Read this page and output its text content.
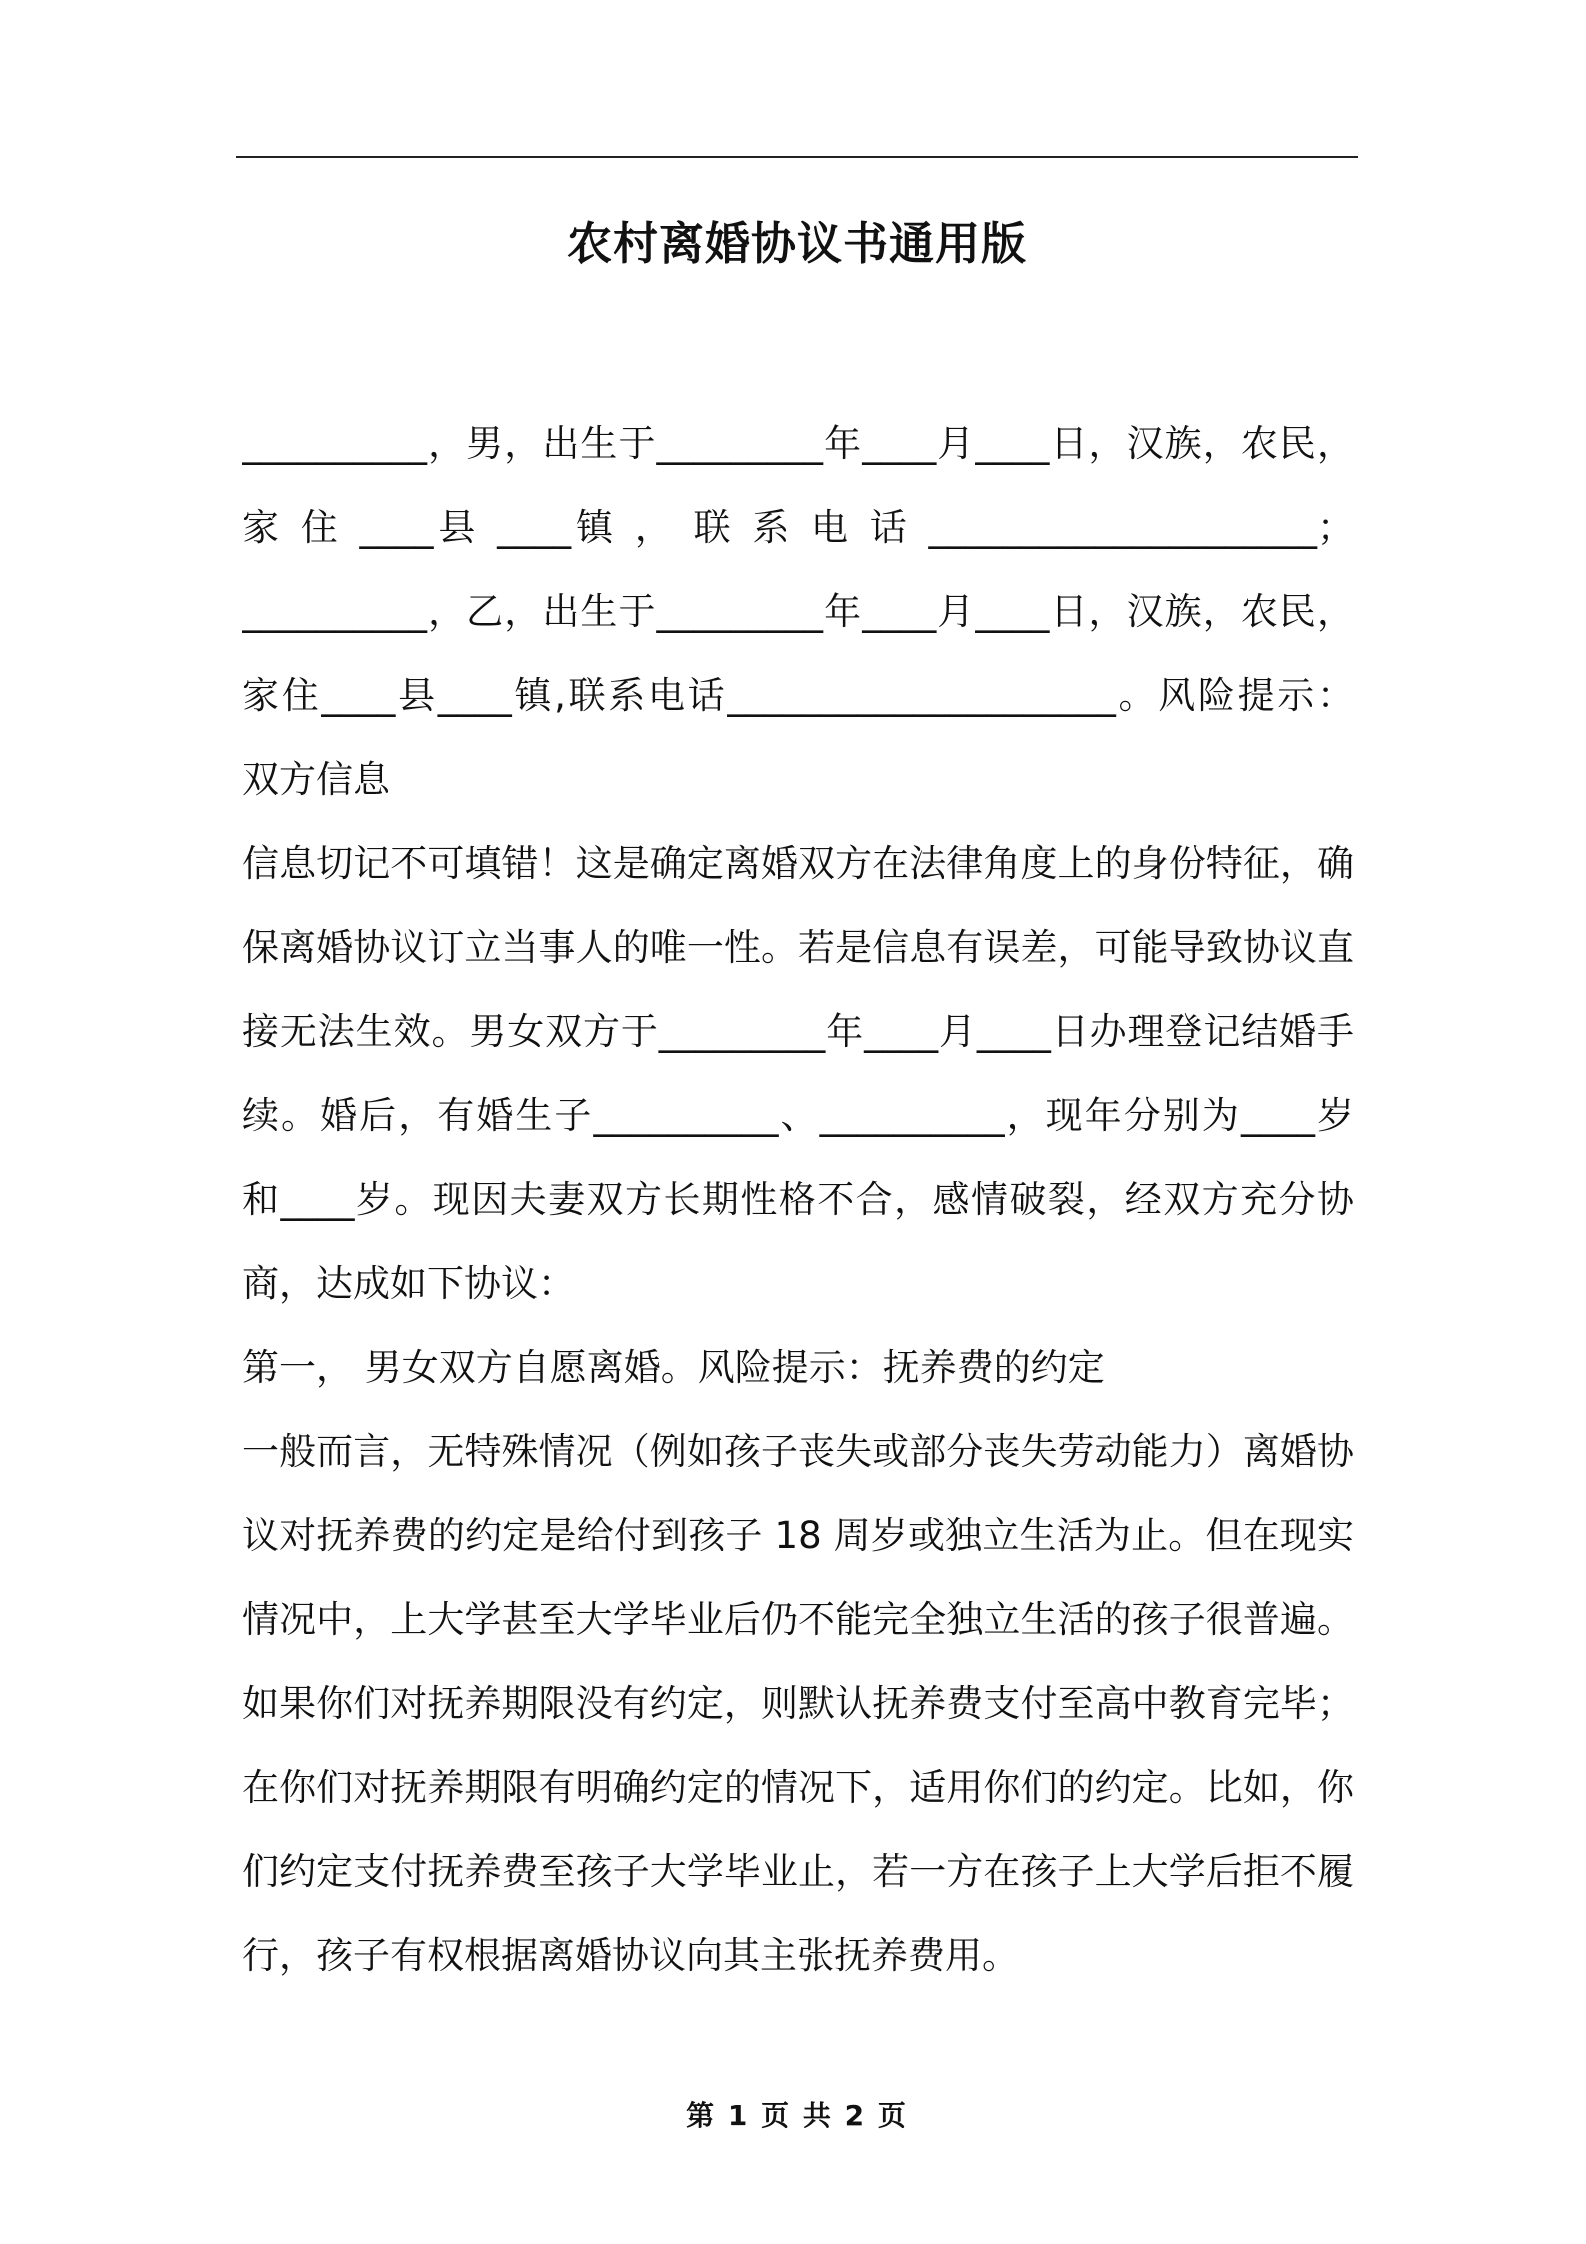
农村离婚协议书通用版
__________，男，出生于_________年____月____日，汉族，农民，
家 住 ____县 ____镇 ， 联 系 电 话 _____________________；
__________，乙，出生于_________年____月____日，汉族，农民，
家住____县____镇,联系电话_____________________。风险提示：
双方信息
信息切记不可填错！这是确定离婚双方在法律角度上的身份特征，确
保离婚协议订立当事人的唯一性。若是信息有误差，可能导致协议直
接无法生效。男女双方于_________年____月____日办理登记结婚手
续。婚后，有婚生子__________、__________，现年分别为____岁
和____岁。现因夫妻双方长期性格不合，感情破裂，经双方充分协
商，达成如下协议：
第一， 男女双方自愿离婚。风险提示：抚养费的约定
一般而言，无特殊情况（例如孩子丧失或部分丧失劳动能力）离婚协
议对抚养费的约定是给付到孩子 18 周岁或独立生活为止。但在现实
情况中，上大学甚至大学毕业后仍不能完全独立生活的孩子很普遍。
如果你们对抚养期限没有约定，则默认抚养费支付至高中教育完毕；
在你们对抚养期限有明确约定的情况下，适用你们的约定。比如，你
们约定支付抚养费至孩子大学毕业止，若一方在孩子上大学后拒不履
行，孩子有权根据离婚协议向其主张抚养费用。
第 1 页 共 2 页
